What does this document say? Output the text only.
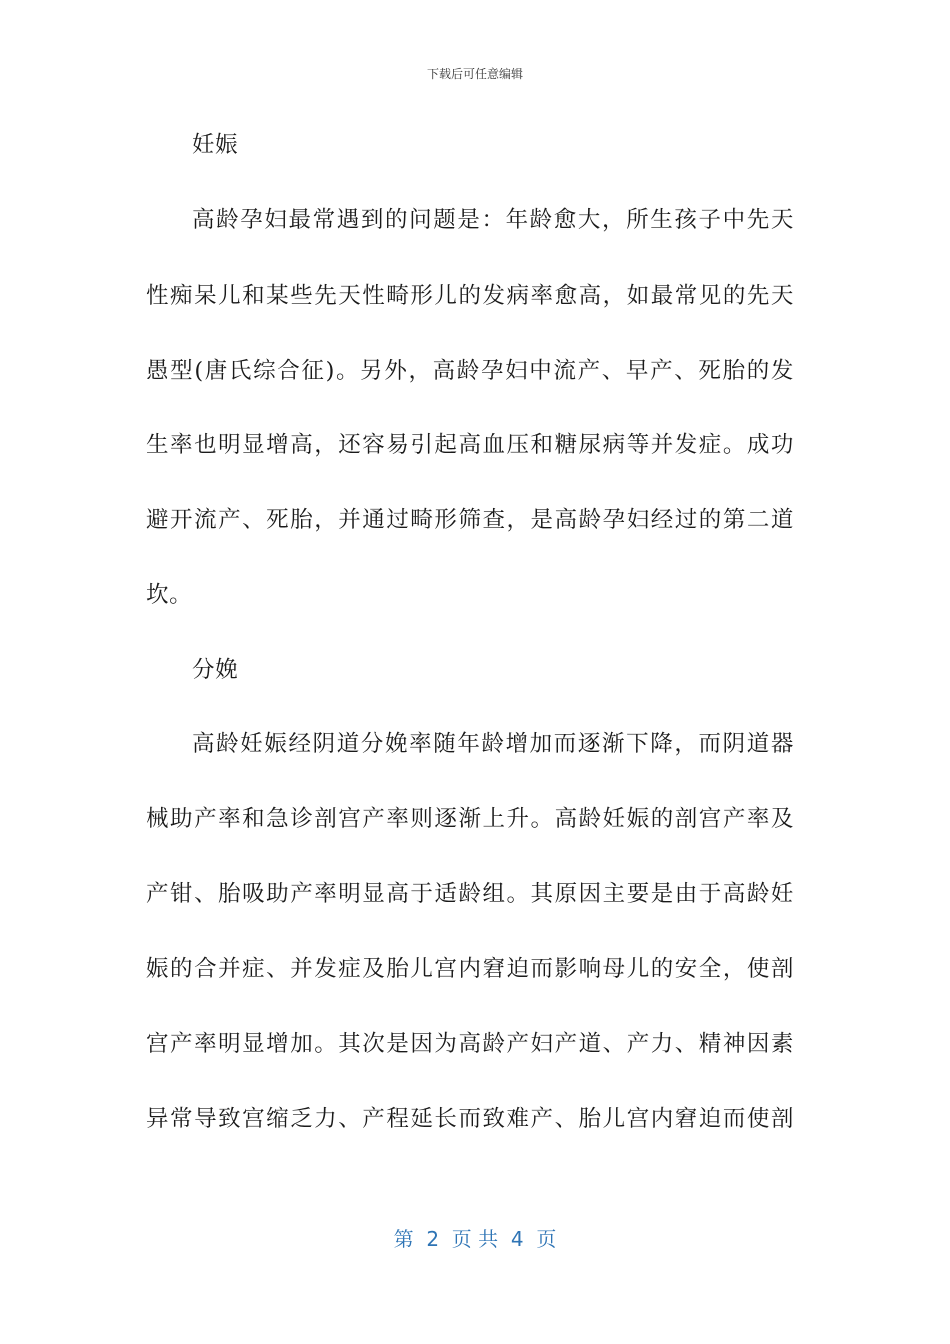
下载后可任意编辑
妊娠
高龄孕妇最常遇到的问题是：年龄愈大，所生孩子中先天
性痴呆儿和某些先天性畸形儿的发病率愈高，如最常见的先天
愚型(唐氏综合征)。另外，高龄孕妇中流产、早产、死胎的发
生率也明显增高，还容易引起高血压和糖尿病等并发症。成功
避开流产、死胎，并通过畸形筛查，是高龄孕妇经过的第二道
坎。
分娩
高龄妊娠经阴道分娩率随年龄增加而逐渐下降，而阴道器
械助产率和急诊剖宫产率则逐渐上升。高龄妊娠的剖宫产率及
产钳、胎吸助产率明显高于适龄组。其原因主要是由于高龄妊
娠的合并症、并发症及胎儿宫内窘迫而影响母儿的安全，使剖
宫产率明显增加。其次是因为高龄产妇产道、产力、精神因素
异常导致宫缩乏力、产程延长而致难产、胎儿宫内窘迫而使剖
第  2  页 共  4  页
